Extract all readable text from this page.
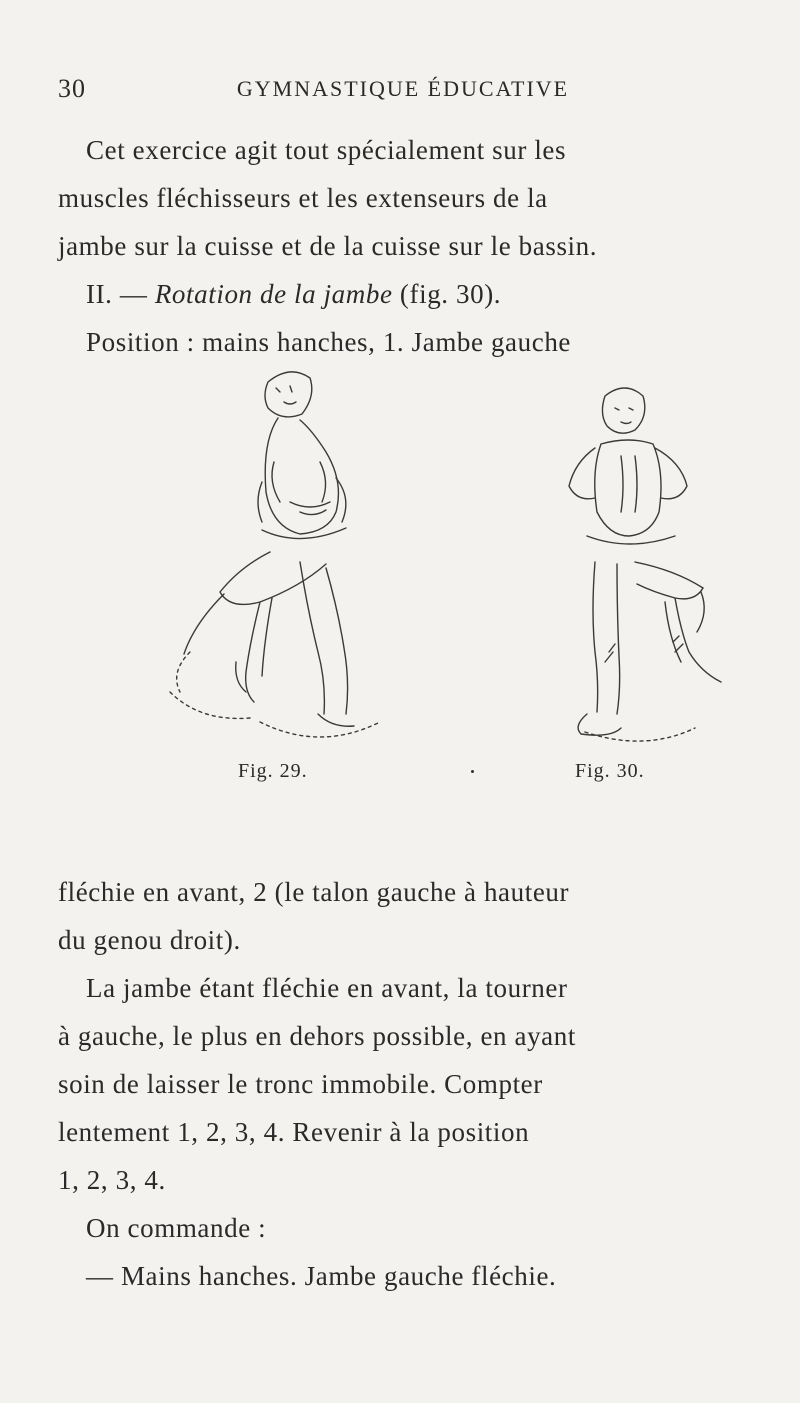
30	GYMNASTIQUE ÉDUCATIVE
Cet exercice agit tout spécialement sur les
muscles fléchisseurs et les extenseurs de la
jambe sur la cuisse et de la cuisse sur le bassin.
II. — Rotation de la jambe (fig. 30).
Position : mains hanches, 1. Jambe gauche
Fig. 29.	Fig. 30.
fléchie en avant, 2 (le talon gauche à hauteur
du genou droit).
La jambe étant fléchie en avant, la tourner
à gauche, le plus en dehors possible, en ayant
soin de laisser le tronc immobile. Compter
lentement 1, 2, 3, 4. Revenir à la position
1, 2, 3, 4.
On commande :
— Mains hanches. Jambe gauche fléchie.
